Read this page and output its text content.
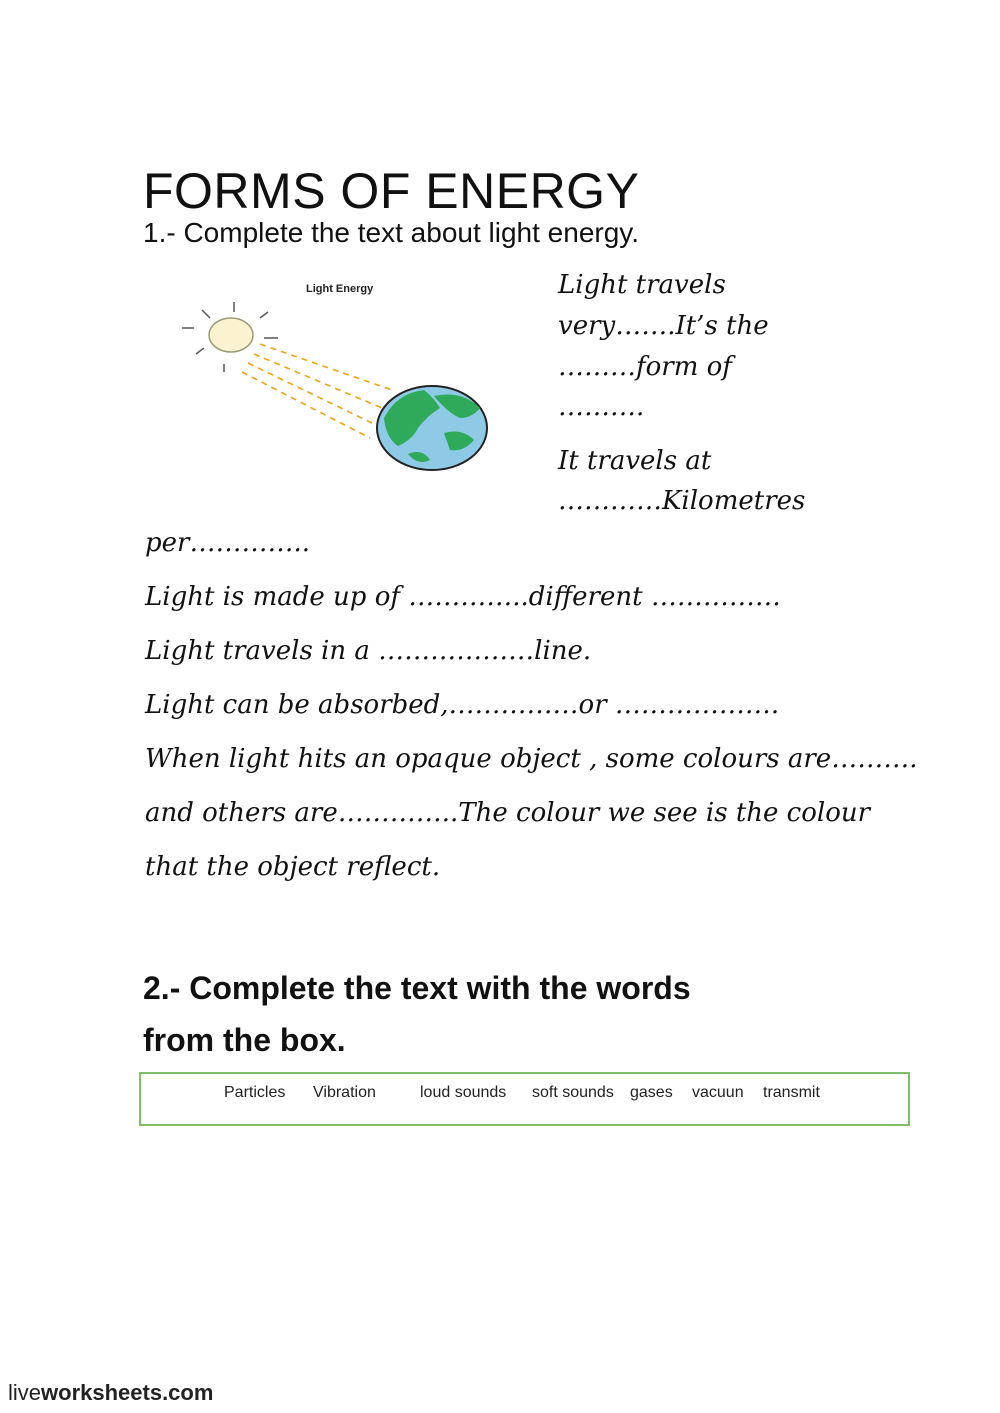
FORMS OF ENERGY
1.- Complete the text about light energy.
Light Energy	Light travels
very…….It’s the
………form of
……….
It travels at
…………Kilometres
per…………..
Light is made up of …………..different ……………
Light travels in a ………………line.
Light can be absorbed,……………or ……………….
When light hits an opaque object , some colours are……….
and others are…………..The colour we see is the colour
that the object reflect.
2.- Complete the text with the words
from the box.
Particles Vibration	loud sounds soft sounds gases vacuun transmit
liveworksheets.com
